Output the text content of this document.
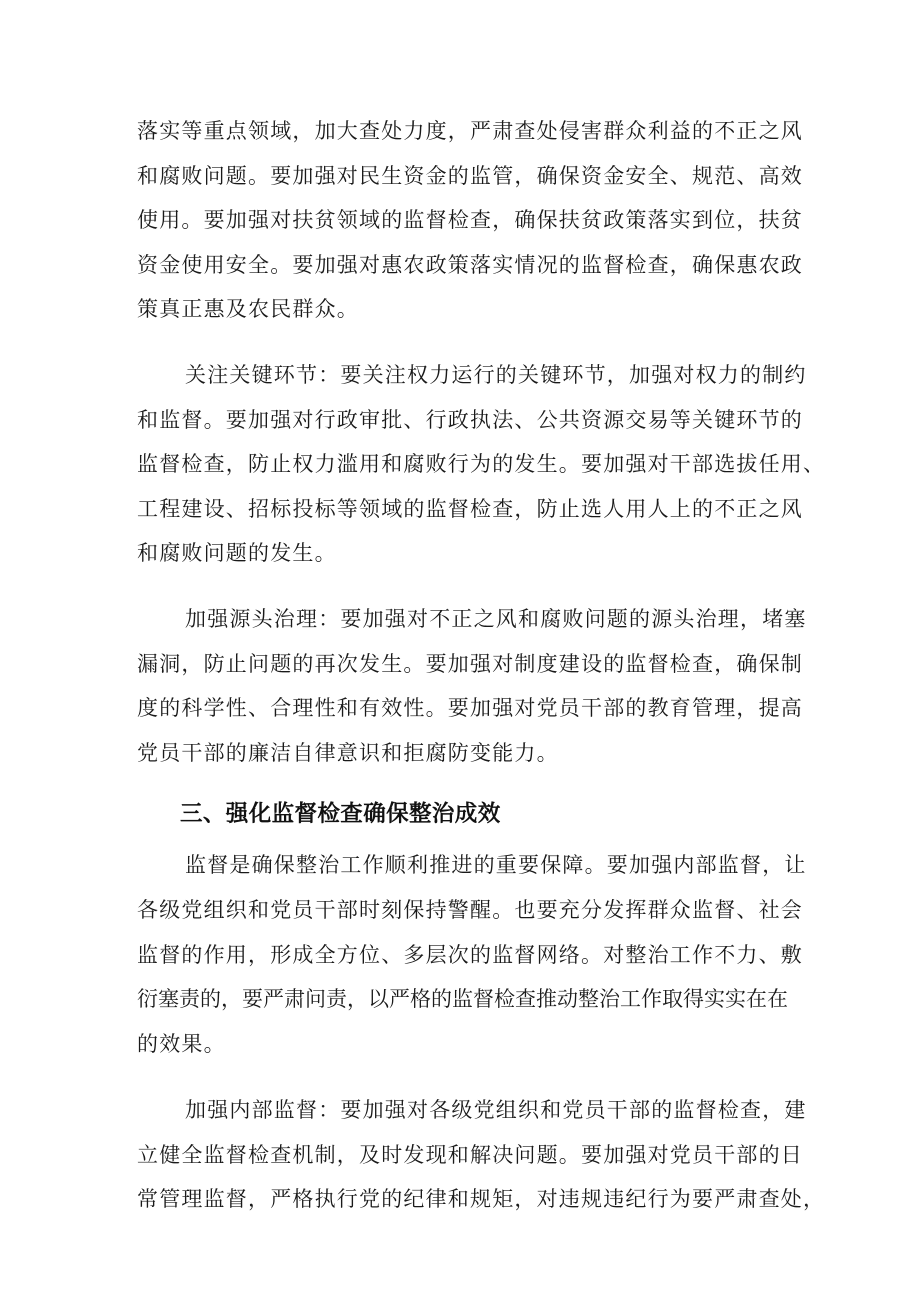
落实等重点领域，加大查处力度，严肃查处侵害群众利益的不正之风
和腐败问题。要加强对民生资金的监管，确保资金安全、规范、高效
使用。要加强对扶贫领域的监督检查，确保扶贫政策落实到位，扶贫
资金使用安全。要加强对惠农政策落实情况的监督检查，确保惠农政
策真正惠及农民群众。

关注关键环节：要关注权力运行的关键环节，加强对权力的制约
和监督。要加强对行政审批、行政执法、公共资源交易等关键环节的
监督检查，防止权力滥用和腐败行为的发生。要加强对干部选拔任用、
工程建设、招标投标等领域的监督检查，防止选人用人上的不正之风
和腐败问题的发生。

加强源头治理：要加强对不正之风和腐败问题的源头治理，堵塞
漏洞，防止问题的再次发生。要加强对制度建设的监督检查，确保制
度的科学性、合理性和有效性。要加强对党员干部的教育管理，提高
党员干部的廉洁自律意识和拒腐防变能力。

三、强化监督检查确保整治成效

监督是确保整治工作顺利推进的重要保障。要加强内部监督，让
各级党组织和党员干部时刻保持警醒。也要充分发挥群众监督、社会
监督的作用，形成全方位、多层次的监督网络。对整治工作不力、敷
衍塞责的，要严肃问责，以严格的监督检查推动整治工作取得实实在在
的效果。

加强内部监督：要加强对各级党组织和党员干部的监督检查，建
立健全监督检查机制，及时发现和解决问题。要加强对党员干部的日
常管理监督，严格执行党的纪律和规矩，对违规违纪行为要严肃查处，
